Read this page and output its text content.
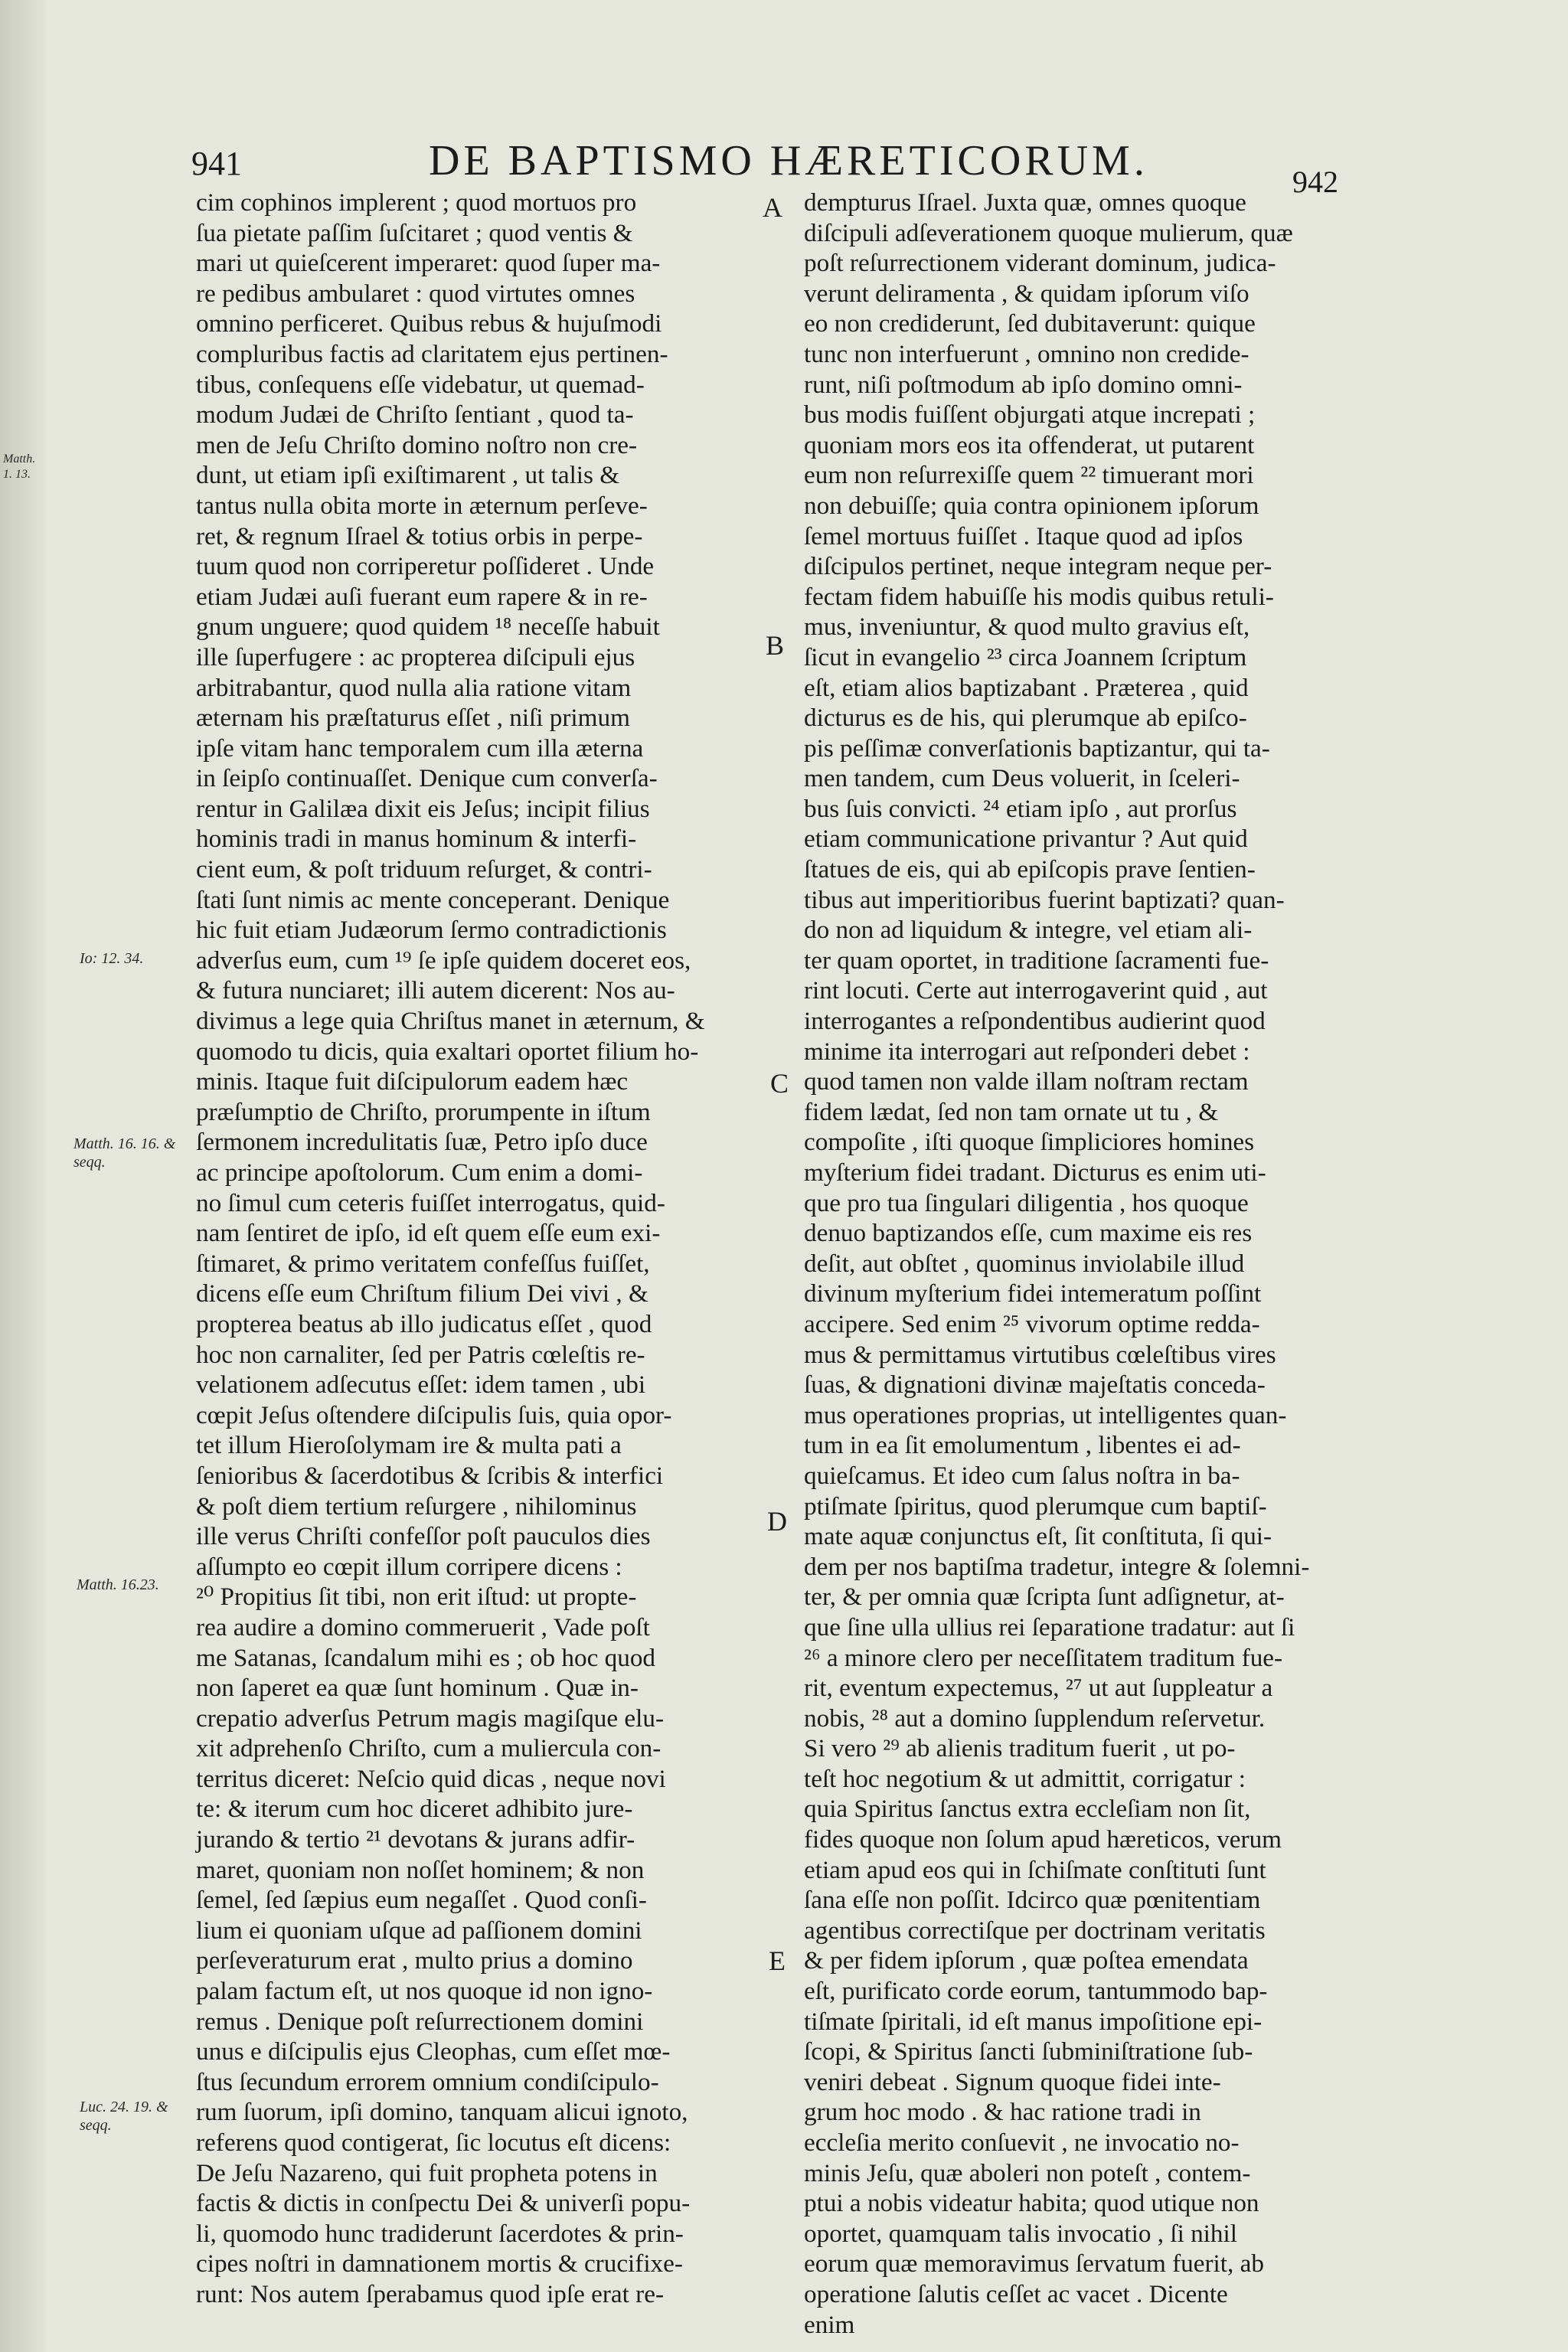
941	DE BAPTISMO HÆRETICORUM.	942
Matth. 1. 13.
Io: 12. 34.
Matth. 16. 16. & seqq.
Matth. 16.23.
Luc. 24. 19. & seqq.
A
B
C
D
E
cim cophinos implerent ; quod mortuos pro
ſua pietate paſſim ſuſcitaret ; quod ventis &
mari ut quieſcerent imperaret: quod ſuper ma-
re pedibus ambularet : quod virtutes omnes
omnino perficeret. Quibus rebus & hujuſmodi
compluribus factis ad claritatem ejus pertinen-
tibus, conſequens eſſe videbatur, ut quemad-
modum Judæi de Chriſto ſentiant , quod ta-
men de Jeſu Chriſto domino noſtro non cre-
dunt, ut etiam ipſi exiſtimarent , ut talis &
tantus nulla obita morte in æternum perſeve-
ret, & regnum Iſrael & totius orbis in perpe-
tuum quod non corriperetur poſſideret . Unde
etiam Judæi auſi fuerant eum rapere & in re-
gnum unguere; quod quidem ¹⁸ neceſſe habuit
ille ſuperfugere : ac propterea diſcipuli ejus
arbitrabantur, quod nulla alia ratione vitam
æternam his præſtaturus eſſet , niſi primum
ipſe vitam hanc temporalem cum illa æterna
in ſeipſo continuaſſet. Denique cum converſa-
rentur in Galilæa dixit eis Jeſus; incipit filius
hominis tradi in manus hominum & interfi-
cient eum, & poſt triduum reſurget, & contri-
ſtati ſunt nimis ac mente conceperant. Denique
hic fuit etiam Judæorum ſermo contradictionis
adverſus eum, cum ¹⁹ ſe ipſe quidem doceret eos,
& futura nunciaret; illi autem dicerent: Nos au-
divimus a lege quia Chriſtus manet in æternum, &
quomodo tu dicis, quia exaltari oportet filium ho-
minis. Itaque fuit diſcipulorum eadem hæc
præſumptio de Chriſto, prorumpente in iſtum
ſermonem incredulitatis ſuæ, Petro ipſo duce
ac principe apoſtolorum. Cum enim a domi-
no ſimul cum ceteris fuiſſet interrogatus, quid-
nam ſentiret de ipſo, id eſt quem eſſe eum exi-
ſtimaret, & primo veritatem confeſſus fuiſſet,
dicens eſſe eum Chriſtum filium Dei vivi , &
propterea beatus ab illo judicatus eſſet , quod
hoc non carnaliter, ſed per Patris cœleſtis re-
velationem adſecutus eſſet: idem tamen , ubi
cœpit Jeſus oſtendere diſcipulis ſuis, quia opor-
tet illum Hieroſolymam ire & multa pati a
ſenioribus & ſacerdotibus & ſcribis & interfici
& poſt diem tertium reſurgere , nihilominus
ille verus Chriſti confeſſor poſt pauculos dies
aſſumpto eo cœpit illum corripere dicens :
²⁰ Propitius ſit tibi, non erit iſtud: ut propte-
rea audire a domino commeruerit , Vade poſt
me Satanas, ſcandalum mihi es ; ob hoc quod
non ſaperet ea quæ ſunt hominum . Quæ in-
crepatio adverſus Petrum magis magiſque elu-
xit adprehenſo Chriſto, cum a muliercula con-
territus diceret: Neſcio quid dicas , neque novi
te: & iterum cum hoc diceret adhibito jure-
jurando & tertio ²¹ devotans & jurans adfir-
maret, quoniam non noſſet hominem; & non
ſemel, ſed ſæpius eum negaſſet . Quod conſi-
lium ei quoniam uſque ad paſſionem domini
perſeveraturum erat , multo prius a domino
palam factum eſt, ut nos quoque id non igno-
remus . Denique poſt reſurrectionem domini
unus e diſcipulis ejus Cleophas, cum eſſet mœ-
ſtus ſecundum errorem omnium condiſcipulo-
rum ſuorum, ipſi domino, tanquam alicui ignoto,
referens quod contigerat, ſic locutus eſt dicens:
De Jeſu Nazareno, qui fuit propheta potens in
factis & dictis in conſpectu Dei & univerſi popu-
li, quomodo hunc tradiderunt ſacerdotes & prin-
cipes noſtri in damnationem mortis & crucifixe-
runt: Nos autem ſperabamus quod ipſe erat re-
dempturus Iſrael. Juxta quæ, omnes quoque
diſcipuli adſeverationem quoque mulierum, quæ
poſt reſurrectionem viderant dominum, judica-
verunt deliramenta , & quidam ipſorum viſo
eo non crediderunt, ſed dubitaverunt: quique
tunc non interfuerunt , omnino non credide-
runt, niſi poſtmodum ab ipſo domino omni-
bus modis fuiſſent objurgati atque increpati ;
quoniam mors eos ita offenderat, ut putarent
eum non reſurrexiſſe quem ²² timuerant mori
non debuiſſe; quia contra opinionem ipſorum
ſemel mortuus fuiſſet . Itaque quod ad ipſos
diſcipulos pertinet, neque integram neque per-
fectam fidem habuiſſe his modis quibus retuli-
mus, inveniuntur, & quod multo gravius eſt,
ſicut in evangelio ²³ circa Joannem ſcriptum
eſt, etiam alios baptizabant . Præterea , quid
dicturus es de his, qui plerumque ab epiſco-
pis peſſimæ converſationis baptizantur, qui ta-
men tandem, cum Deus voluerit, in ſceleri-
bus ſuis convicti. ²⁴ etiam ipſo , aut prorſus
etiam communicatione privantur ? Aut quid
ſtatues de eis, qui ab epiſcopis prave ſentien-
tibus aut imperitioribus fuerint baptizati? quan-
do non ad liquidum & integre, vel etiam ali-
ter quam oportet, in traditione ſacramenti fue-
rint locuti. Certe aut interrogaverint quid , aut
interrogantes a reſpondentibus audierint quod
minime ita interrogari aut reſponderi debet :
quod tamen non valde illam noſtram rectam
fidem lædat, ſed non tam ornate ut tu , &
compoſite , iſti quoque ſimpliciores homines
myſterium fidei tradant. Dicturus es enim uti-
que pro tua ſingulari diligentia , hos quoque
denuo baptizandos eſſe, cum maxime eis res
deſit, aut obſtet , quominus inviolabile illud
divinum myſterium fidei intemeratum poſſint
accipere. Sed enim ²⁵ vivorum optime redda-
mus & permittamus virtutibus cœleſtibus vires
ſuas, & dignationi divinæ majeſtatis conceda-
mus operationes proprias, ut intelligentes quan-
tum in ea ſit emolumentum , libentes ei ad-
quieſcamus. Et ideo cum ſalus noſtra in ba-
ptiſmate ſpiritus, quod plerumque cum baptiſ-
mate aquæ conjunctus eſt, ſit conſtituta, ſi qui-
dem per nos baptiſma tradetur, integre & ſolemni-
ter, & per omnia quæ ſcripta ſunt adſignetur, at-
que ſine ulla ullius rei ſeparatione tradatur: aut ſi
²⁶ a minore clero per neceſſitatem traditum fue-
rit, eventum expectemus, ²⁷ ut aut ſuppleatur a
nobis, ²⁸ aut a domino ſupplendum reſervetur.
Si vero ²⁹ ab alienis traditum fuerit , ut po-
teſt hoc negotium & ut admittit, corrigatur :
quia Spiritus ſanctus extra eccleſiam non ſit,
fides quoque non ſolum apud hæreticos, verum
etiam apud eos qui in ſchiſmate conſtituti ſunt
ſana eſſe non poſſit. Idcirco quæ pœnitentiam
agentibus correctiſque per doctrinam veritatis
& per fidem ipſorum , quæ poſtea emendata
eſt, purificato corde eorum, tantummodo bap-
tiſmate ſpiritali, id eſt manus impoſitione epi-
ſcopi, & Spiritus ſancti ſubminiſtratione ſub-
veniri debeat . Signum quoque fidei inte-
grum hoc modo . & hac ratione tradi in
eccleſia merito conſuevit , ne invocatio no-
minis Jeſu, quæ aboleri non poteſt , contem-
ptui a nobis videatur habita; quod utique non
oportet, quamquam talis invocatio , ſi nihil
eorum quæ memoravimus ſervatum fuerit, ab
operatione ſalutis ceſſet ac vacet . Dicente
enim
